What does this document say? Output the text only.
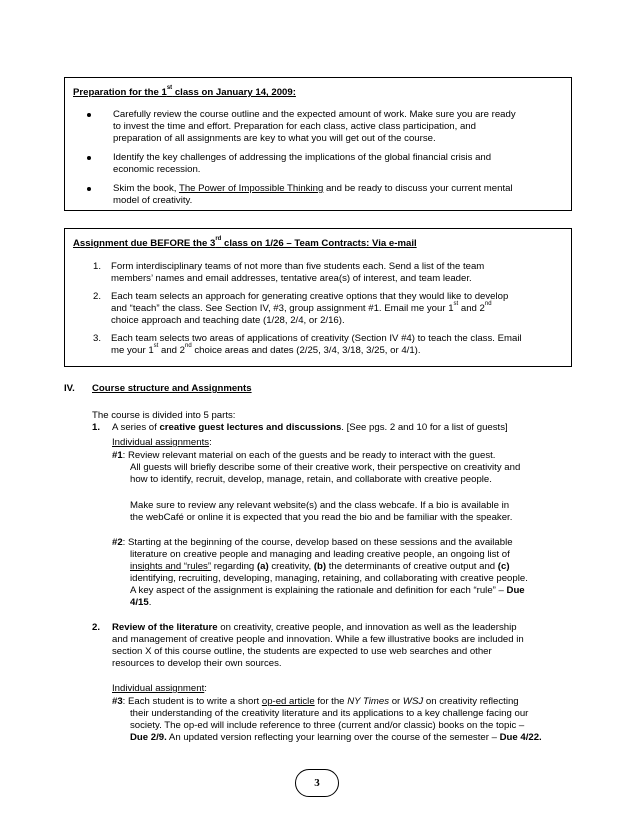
Preparation for the 1st class on January 14, 2009:
Carefully review the course outline and the expected amount of work. Make sure you are ready
to invest the time and effort. Preparation for each class, active class participation, and
preparation of all assignments are key to what you will get out of the course.
Identify the key challenges of addressing the implications of the global financial crisis and
economic recession.
Skim the book, The Power of Impossible Thinking and be ready to discuss your current mental
model of creativity.
Assignment due BEFORE the 3rd class on 1/26 – Team Contracts: Via e-mail
1. Form interdisciplinary teams of not more than five students each. Send a list of the team
members’ names and email addresses, tentative area(s) of interest, and team leader.
2. Each team selects an approach for generating creative options that they would like to develop
and “teach” the class. See Section IV, #3, group assignment #1. Email me your 1st and 2nd
choice approach and teaching date (1/28, 2/4, or 2/16).
3. Each team selects two areas of applications of creativity (Section IV #4) to teach the class. Email
me your 1st and 2nd choice areas and dates (2/25, 3/4, 3/18, 3/25, or 4/1).
IV. Course structure and Assignments
The course is divided into 5 parts:
1. A series of creative guest lectures and discussions. [See pgs. 2 and 10 for a list of guests]
Individual assignments:
#1: Review relevant material on each of the guests and be ready to interact with the guest.
All guests will briefly describe some of their creative work, their perspective on creativity and
how to identify, recruit, develop, manage, retain, and collaborate with creative people.
Make sure to review any relevant website(s) and the class webcafe. If a bio is available in
the webCafé or online it is expected that you read the bio and be familiar with the speaker.
#2: Starting at the beginning of the course, develop based on these sessions and the available
literature on creative people and managing and leading creative people, an ongoing list of
insights and “rules” regarding (a) creativity, (b) the determinants of creative output and (c)
identifying, recruiting, developing, managing, retaining, and collaborating with creative people.
A key aspect of the assignment is explaining the rationale and definition for each “rule” – Due
4/15.
2. Review of the literature on creativity, creative people, and innovation as well as the leadership
and management of creative people and innovation. While a few illustrative books are included in
section X of this course outline, the students are expected to use web searches and other
resources to develop their own sources.
Individual assignment:
#3: Each student is to write a short op-ed article for the NY Times or WSJ on creativity reflecting
their understanding of the creativity literature and its applications to a key challenge facing our
society. The op-ed will include reference to three (current and/or classic) books on the topic –
Due 2/9. An updated version reflecting your learning over the course of the semester – Due 4/22.
3
